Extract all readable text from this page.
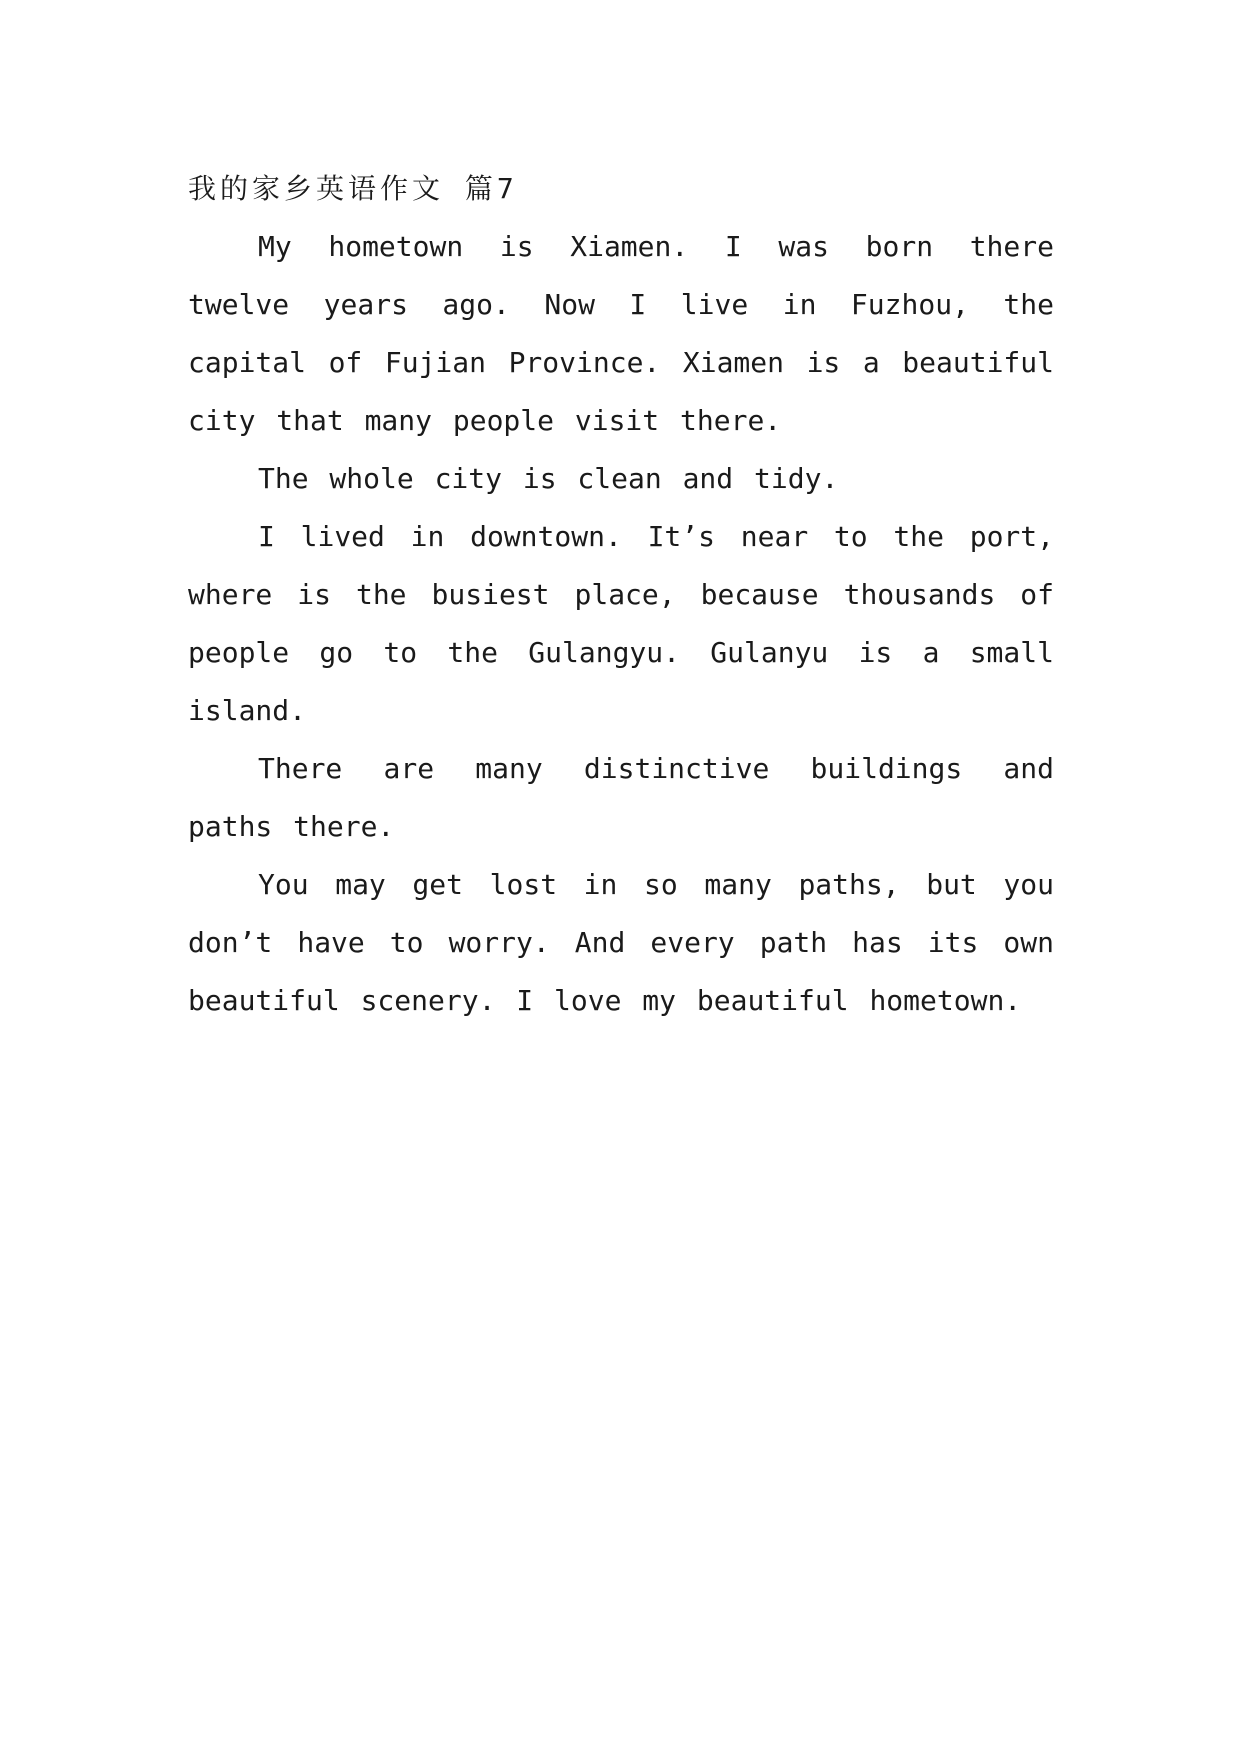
我的家乡英语作文 篇7

My hometown is Xiamen. I was born there twelve years ago. Now I live in Fuzhou, the capital of Fujian Province. Xiamen is a beautiful city that many people visit there.

The whole city is clean and tidy.

I lived in downtown. It’s near to the port, where is the busiest place, because thousands of people go to the Gulangyu. Gulanyu is a small island.

There are many distinctive buildings and paths there.

You may get lost in so many paths, but you don’t have to worry. And every path has its own beautiful scenery. I love my beautiful hometown.
